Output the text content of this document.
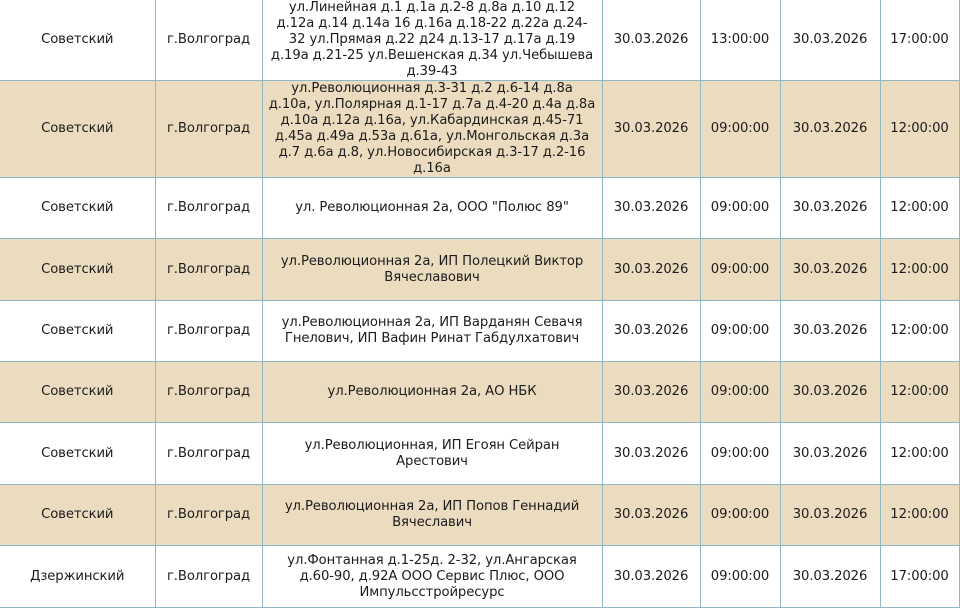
Советский	г.Волгоград	ул.Линейная д.1 д.1а д.2-8 д.8а д.10 д.12 д.12а д.14 д.14а 16 д.16а д.18-22 д.22а д.24-32 ул.Прямая д.22 д24 д.13-17 д.17а д.19 д.19а д.21-25 ул.Вешенская д.34 ул.Чебышева д.39-43	30.03.2026	13:00:00	30.03.2026	17:00:00
Советский	г.Волгоград	ул.Революционная д.3-31 д.2 д.6-14 д.8а д.10а, ул.Полярная д.1-17 д.7а д.4-20 д.4а д.8а д.10а д.12а д.16а, ул.Кабардинская д.45-71 д.45а д.49а д.53а д.61а, ул.Монгольская д.3а д.7 д.6а д.8, ул.Новосибирская д.3-17 д.2-16 д.16а	30.03.2026	09:00:00	30.03.2026	12:00:00
Советский	г.Волгоград	ул. Революционная 2а, ООО "Полюс 89"	30.03.2026	09:00:00	30.03.2026	12:00:00
Советский	г.Волгоград	ул.Революционная 2а, ИП Полецкий Виктор Вячеславович	30.03.2026	09:00:00	30.03.2026	12:00:00
Советский	г.Волгоград	ул.Революционная 2а, ИП Варданян Севачя Гнелович, ИП Вафин Ринат Габдулхатович	30.03.2026	09:00:00	30.03.2026	12:00:00
Советский	г.Волгоград	ул.Революционная 2а, АО НБК	30.03.2026	09:00:00	30.03.2026	12:00:00
Советский	г.Волгоград	ул.Революционная, ИП Егоян Сейран Арестович	30.03.2026	09:00:00	30.03.2026	12:00:00
Советский	г.Волгоград	ул.Революционная 2а, ИП Попов Геннадий Вячеславич	30.03.2026	09:00:00	30.03.2026	12:00:00
Дзержинский	г.Волгоград	ул.Фонтанная д.1-25д. 2-32, ул.Ангарская д.60-90, д.92А ООО Сервис Плюс, ООО Импульсстройресурс	30.03.2026	09:00:00	30.03.2026	17:00:00
